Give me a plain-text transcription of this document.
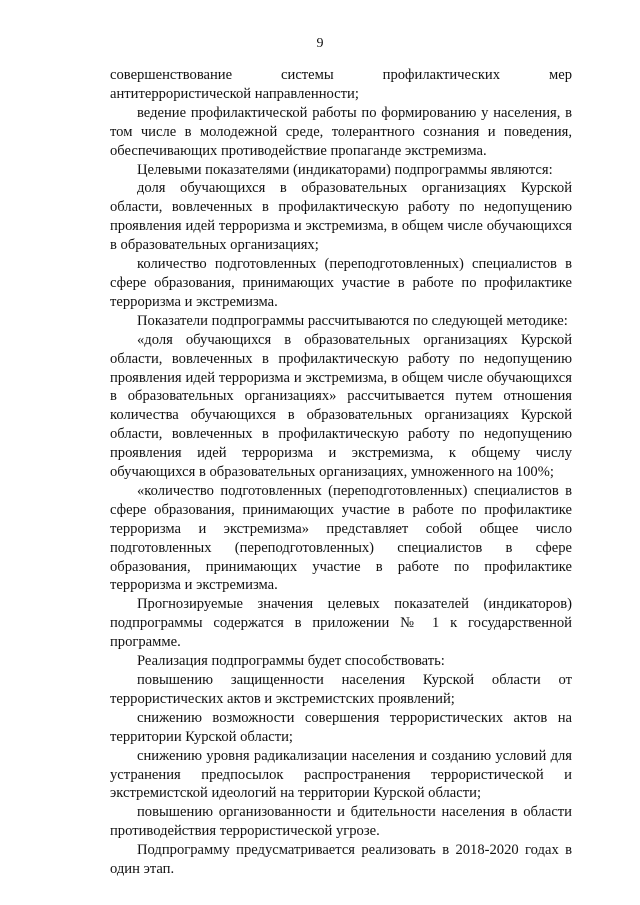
9

совершенствование системы профилактических мер антитеррористической направленности;

ведение профилактической работы по формированию у населения, в том числе в молодежной среде, толерантного сознания и поведения, обеспечивающих противодействие пропаганде экстремизма.

Целевыми показателями (индикаторами) подпрограммы являются:

доля обучающихся в образовательных организациях Курской области, вовлеченных в профилактическую работу по недопущению проявления идей терроризма и экстремизма, в общем числе обучающихся в образовательных организациях;

количество подготовленных (переподготовленных) специалистов в сфере образования, принимающих участие в работе по профилактике терроризма и экстремизма.

Показатели подпрограммы рассчитываются по следующей методике:

«доля обучающихся в образовательных организациях Курской области, вовлеченных в профилактическую работу по недопущению проявления идей терроризма и экстремизма, в общем числе обучающихся в образовательных организациях» рассчитывается путем отношения количества обучающихся в образовательных организациях Курской области, вовлеченных в профилактическую работу по недопущению проявления идей терроризма и экстремизма, к общему числу обучающихся в образовательных организациях, умноженного на 100%;

«количество подготовленных (переподготовленных) специалистов в сфере образования, принимающих участие в работе по профилактике терроризма и экстремизма» представляет собой общее число подготовленных (переподготовленных) специалистов в сфере образования, принимающих участие в работе по профилактике терроризма и экстремизма.

Прогнозируемые значения целевых показателей (индикаторов) подпрограммы содержатся в приложении № 1 к государственной программе.

Реализация подпрограммы будет способствовать:

повышению защищенности населения Курской области от террористических актов и экстремистских проявлений;

снижению возможности совершения террористических актов на территории Курской области;

снижению уровня радикализации населения и созданию условий для устранения предпосылок распространения террористической и экстремистской идеологий на территории Курской области;

повышению организованности и бдительности населения в области противодействия террористической угрозе.

Подпрограмму предусматривается реализовать в 2018-2020 годах в один этап.
